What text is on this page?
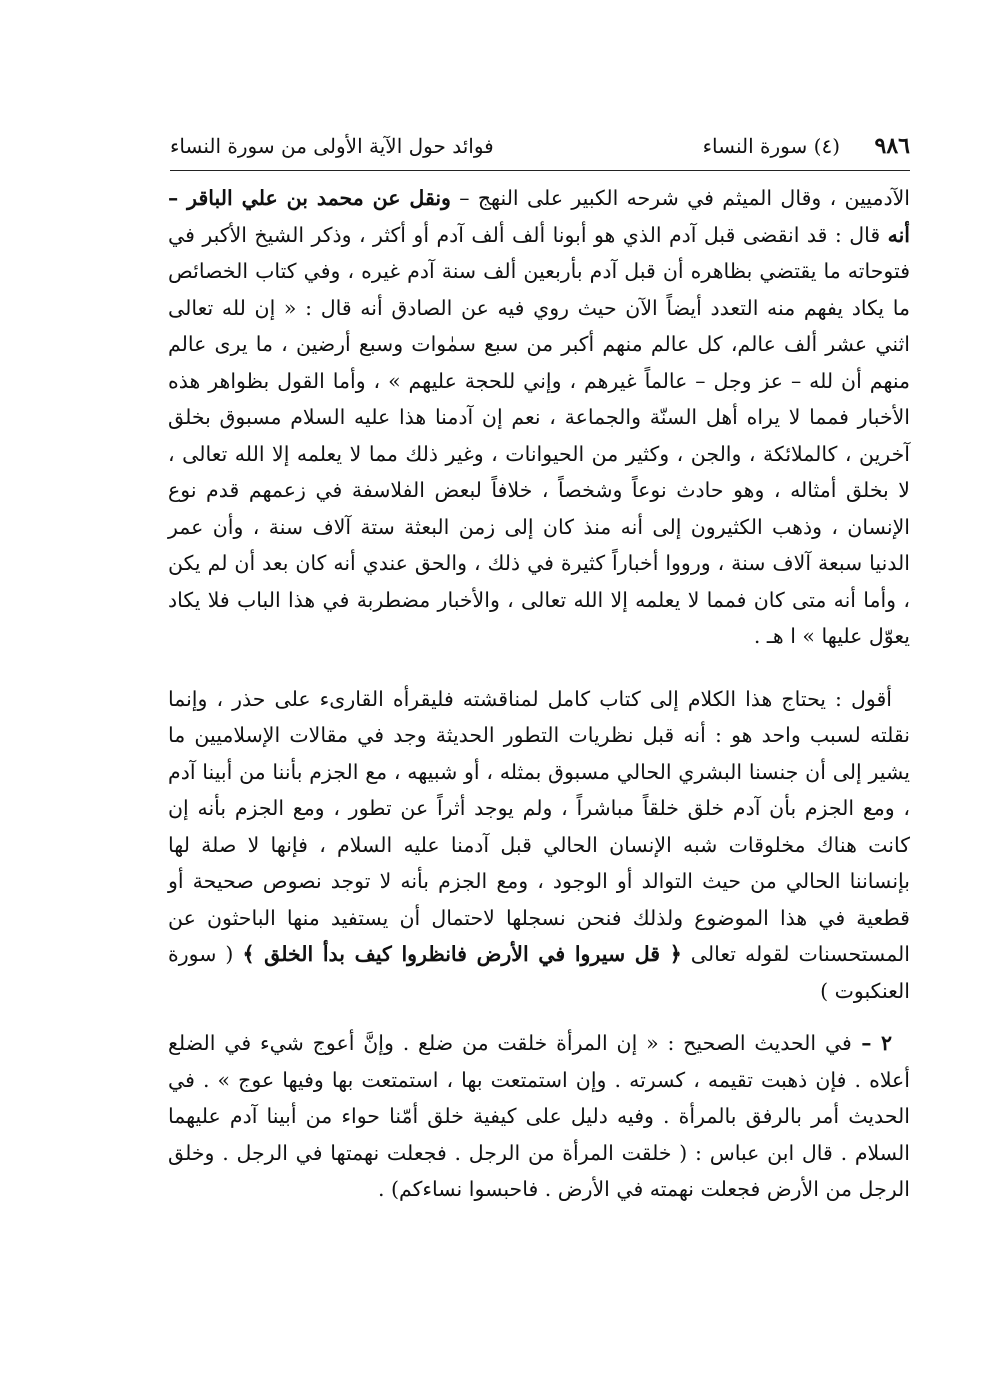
٩٨٦
(٤) سورة النساء
فوائد حول الآية الأولى من سورة النساء

الآدميين ، وقال الميثم في شرحه الكبير على النهج – ونقل عن محمد بن علي الباقر – أنه قال : قد انقضى قبل آدم الذي هو أبونا ألف ألف آدم أو أكثر ، وذكر الشيخ الأكبر في فتوحاته ما يقتضي بظاهره أن قبل آدم بأربعين ألف سنة آدم غيره ، وفي كتاب الخصائص ما يكاد يفهم منه التعدد أيضاً الآن حيث روي فيه عن الصادق أنه قال : « إن لله تعالى اثني عشر ألف عالم، كل عالم منهم أكبر من سبع سمٰوات وسبع أرضين ، ما يرى عالم منهم أن لله – عز وجل – عالماً غيرهم ، وإني للحجة عليهم » ، وأما القول بظواهر هذه الأخبار فمما لا يراه أهل السنّة والجماعة ، نعم إن آدمنا هذا عليه السلام مسبوق بخلق آخرين ، كالملائكة ، والجن ، وكثير من الحيوانات ، وغير ذلك مما لا يعلمه إلا الله تعالى ، لا بخلق أمثاله ، وهو حادث نوعاً وشخصاً ، خلافاً لبعض الفلاسفة في زعمهم قدم نوع الإنسان ، وذهب الكثيرون إلى أنه منذ كان إلى زمن البعثة ستة آلاف سنة ، وأن عمر الدنيا سبعة آلاف سنة ، ورووا أخباراً كثيرة في ذلك ، والحق عندي أنه كان بعد أن لم يكن ، وأما أنه متى كان فمما لا يعلمه إلا الله تعالى ، والأخبار مضطربة في هذا الباب فلا يكاد يعوّل عليها » ا هـ .

أقول : يحتاج هذا الكلام إلى كتاب كامل لمناقشته فليقرأه القارىء على حذر ، وإنما نقلته لسبب واحد هو : أنه قبل نظريات التطور الحديثة وجد في مقالات الإسلاميين ما يشير إلى أن جنسنا البشري الحالي مسبوق بمثله ، أو شبيهه ، مع الجزم بأننا من أبينا آدم ، ومع الجزم بأن آدم خلق خلقاً مباشراً ، ولم يوجد أثراً عن تطور ، ومع الجزم بأنه إن كانت هناك مخلوقات شبه الإنسان الحالي قبل آدمنا عليه السلام ، فإنها لا صلة لها بإنساننا الحالي من حيث التوالد أو الوجود ، ومع الجزم بأنه لا توجد نصوص صحيحة أو قطعية في هذا الموضوع ولذلك فنحن نسجلها لاحتمال أن يستفيد منها الباحثون عن المستحسنات لقوله تعالى ﴿ قل سيروا في الأرض فانظروا كيف بدأ الخلق ﴾ ( سورة العنكبوت )

٢ – في الحديث الصحيح : « إن المرأة خلقت من ضلع . وإنَّ أعوج شيء في الضلع أعلاه . فإن ذهبت تقيمه ، كسرته . وإن استمتعت بها ، استمتعت بها وفيها عوج » . في الحديث أمر بالرفق بالمرأة . وفيه دليل على كيفية خلق أمّنا حواء من أبينا آدم عليهما السلام . قال ابن عباس : ( خلقت المرأة من الرجل . فجعلت نهمتها في الرجل . وخلق الرجل من الأرض فجعلت نهمته في الأرض . فاحبسوا نساءكم) .
